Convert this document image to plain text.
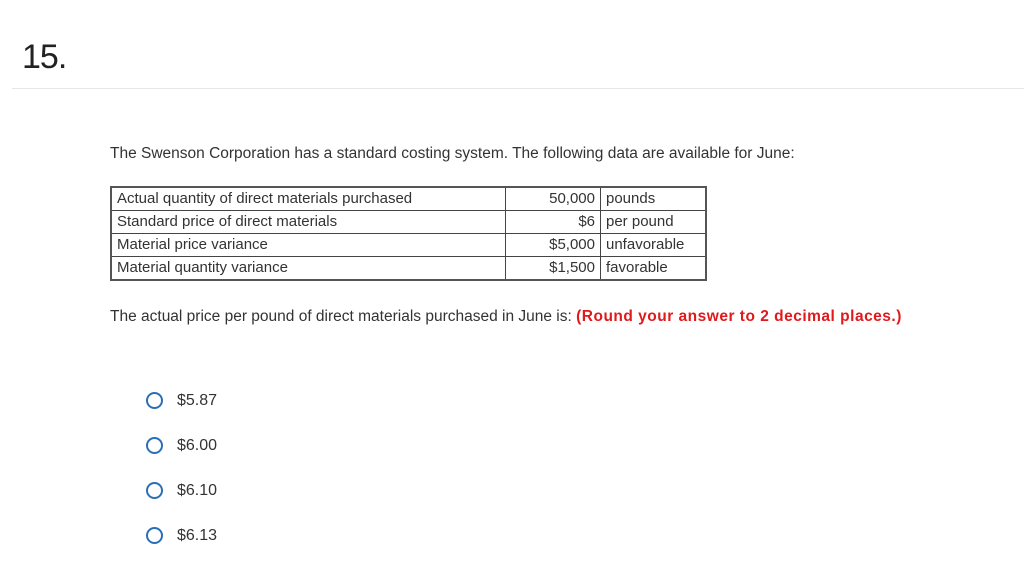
15.
The Swenson Corporation has a standard costing system. The following data are available for June:
Actual quantity of direct materials purchased	50,000	pounds
Standard price of direct materials	$6	per pound
Material price variance	$5,000	unfavorable
Material quantity variance	$1,500	favorable
The actual price per pound of direct materials purchased in June is: (Round your answer to 2 decimal places.)
$5.87
$6.00
$6.10
$6.13
